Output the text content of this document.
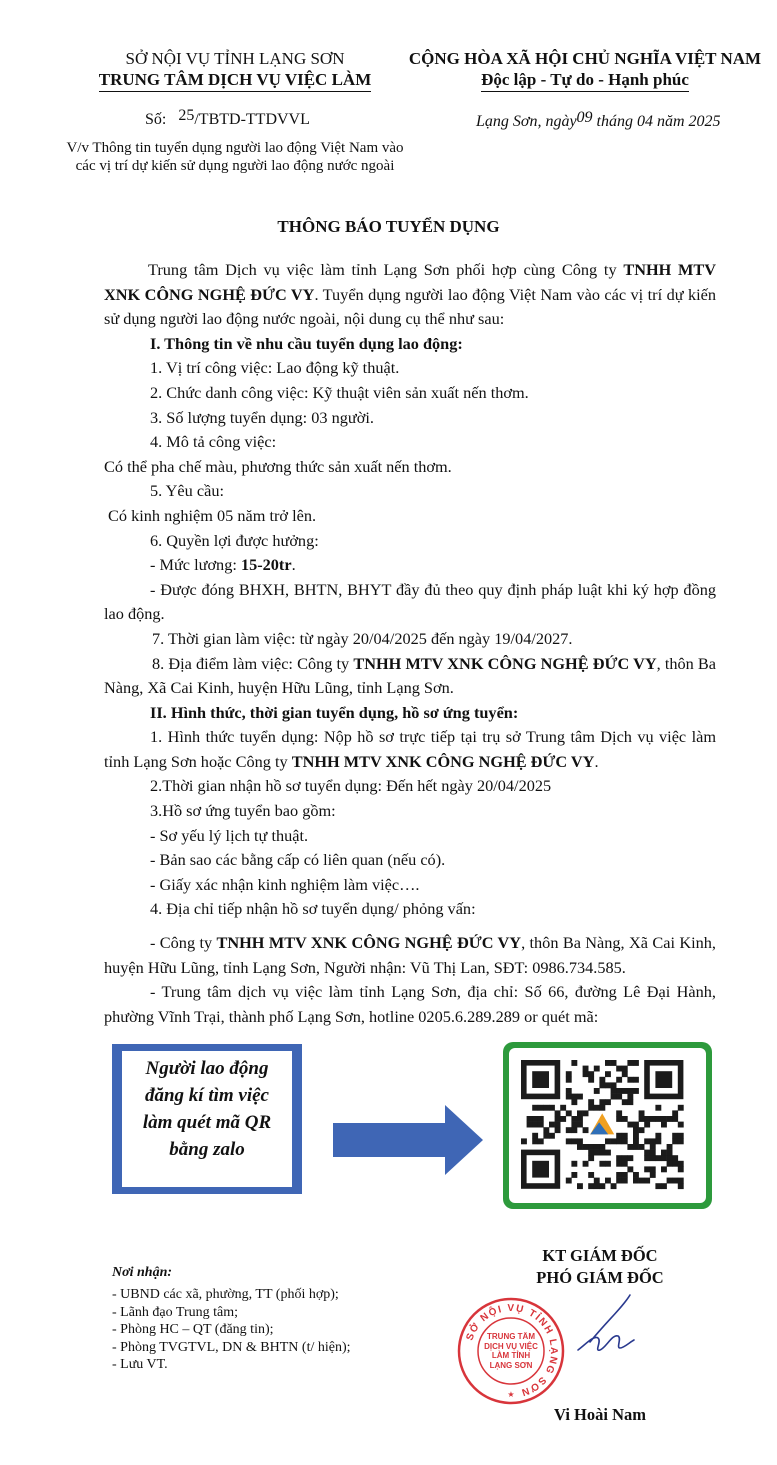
SỞ NỘI VỤ TỈNH LẠNG SƠN
TRUNG TÂM DỊCH VỤ VIỆC LÀM
CỘNG HÒA XÃ HỘI CHỦ NGHĨA VIỆT NAM
Độc lập - Tự do - Hạnh phúc
Số: 25/TBTD-TTDVVL	Lạng Sơn, ngày09 tháng 04 năm 2025
V/v Thông tin tuyển dụng người lao động Việt Nam vào các vị trí dự kiến sử dụng người lao động nước ngoài
THÔNG BÁO TUYỂN DỤNG

Trung tâm Dịch vụ việc làm tỉnh Lạng Sơn phối hợp cùng Công ty TNHH MTV XNK CÔNG NGHỆ ĐỨC VY. Tuyển dụng người lao động Việt Nam vào các vị trí dự kiến sử dụng người lao động nước ngoài, nội dung cụ thể như sau:

I. Thông tin về nhu cầu tuyển dụng lao động:

1. Vị trí công việc: Lao động kỹ thuật.

2. Chức danh công việc: Kỹ thuật viên sản xuất nến thơm.

3. Số lượng tuyển dụng: 03 người.

4. Mô tả công việc:

Có thể pha chế màu, phương thức sản xuất nến thơm.

5. Yêu cầu:

Có kinh nghiệm 05 năm trở lên.

6. Quyền lợi được hưởng:

- Mức lương: 15-20tr.

- Được đóng BHXH, BHTN, BHYT đầy đủ theo quy định pháp luật khi ký hợp đồng lao động.

7. Thời gian làm việc: từ ngày 20/04/2025 đến ngày 19/04/2027.

8. Địa điểm làm việc: Công ty TNHH MTV XNK CÔNG NGHỆ ĐỨC VY, thôn Ba Nàng, Xã Cai Kinh, huyện Hữu Lũng, tỉnh Lạng Sơn.

II. Hình thức, thời gian tuyển dụng, hồ sơ ứng tuyển:

1. Hình thức tuyển dụng: Nộp hồ sơ trực tiếp tại trụ sở Trung tâm Dịch vụ việc làm tỉnh Lạng Sơn hoặc Công ty TNHH MTV XNK CÔNG NGHỆ ĐỨC VY.

2.Thời gian nhận hồ sơ tuyển dụng: Đến hết ngày 20/04/2025

3.Hồ sơ ứng tuyển bao gồm:

- Sơ yếu lý lịch tự thuật.

- Bản sao các bằng cấp có liên quan (nếu có).

- Giấy xác nhận kinh nghiệm làm việc….

4. Địa chỉ tiếp nhận hồ sơ tuyển dụng/ phỏng vấn:

- Công ty TNHH MTV XNK CÔNG NGHỆ ĐỨC VY, thôn Ba Nàng, Xã Cai Kinh, huyện Hữu Lũng, tỉnh Lạng Sơn, Người nhận: Vũ Thị Lan, SĐT: 0986.734.585.

- Trung tâm dịch vụ việc làm tỉnh Lạng Sơn, địa chỉ: Số 66, đường Lê Đại Hành, phường Vĩnh Trại, thành phố Lạng Sơn, hotline 0205.6.289.289 or quét mã:

Người lao động
đăng kí tìm việc
làm quét mã QR
bằng zalo
Nơi nhận:
- UBND các xã, phường, TT (phối hợp);
- Lãnh đạo Trung tâm;
- Phòng HC – QT (đăng tin);
- Phòng TVGTVL, DN & BHTN (t/ hiện);
- Lưu VT.
KT GIÁM ĐỐC
PHÓ GIÁM ĐỐC
SỞ NỘI VỤ TỈNH LẠNG SƠN
TRUNG TÂM DỊCH VỤ VIỆC LÀM TỈNH LẠNG SƠN
★
Vi Hoài Nam
